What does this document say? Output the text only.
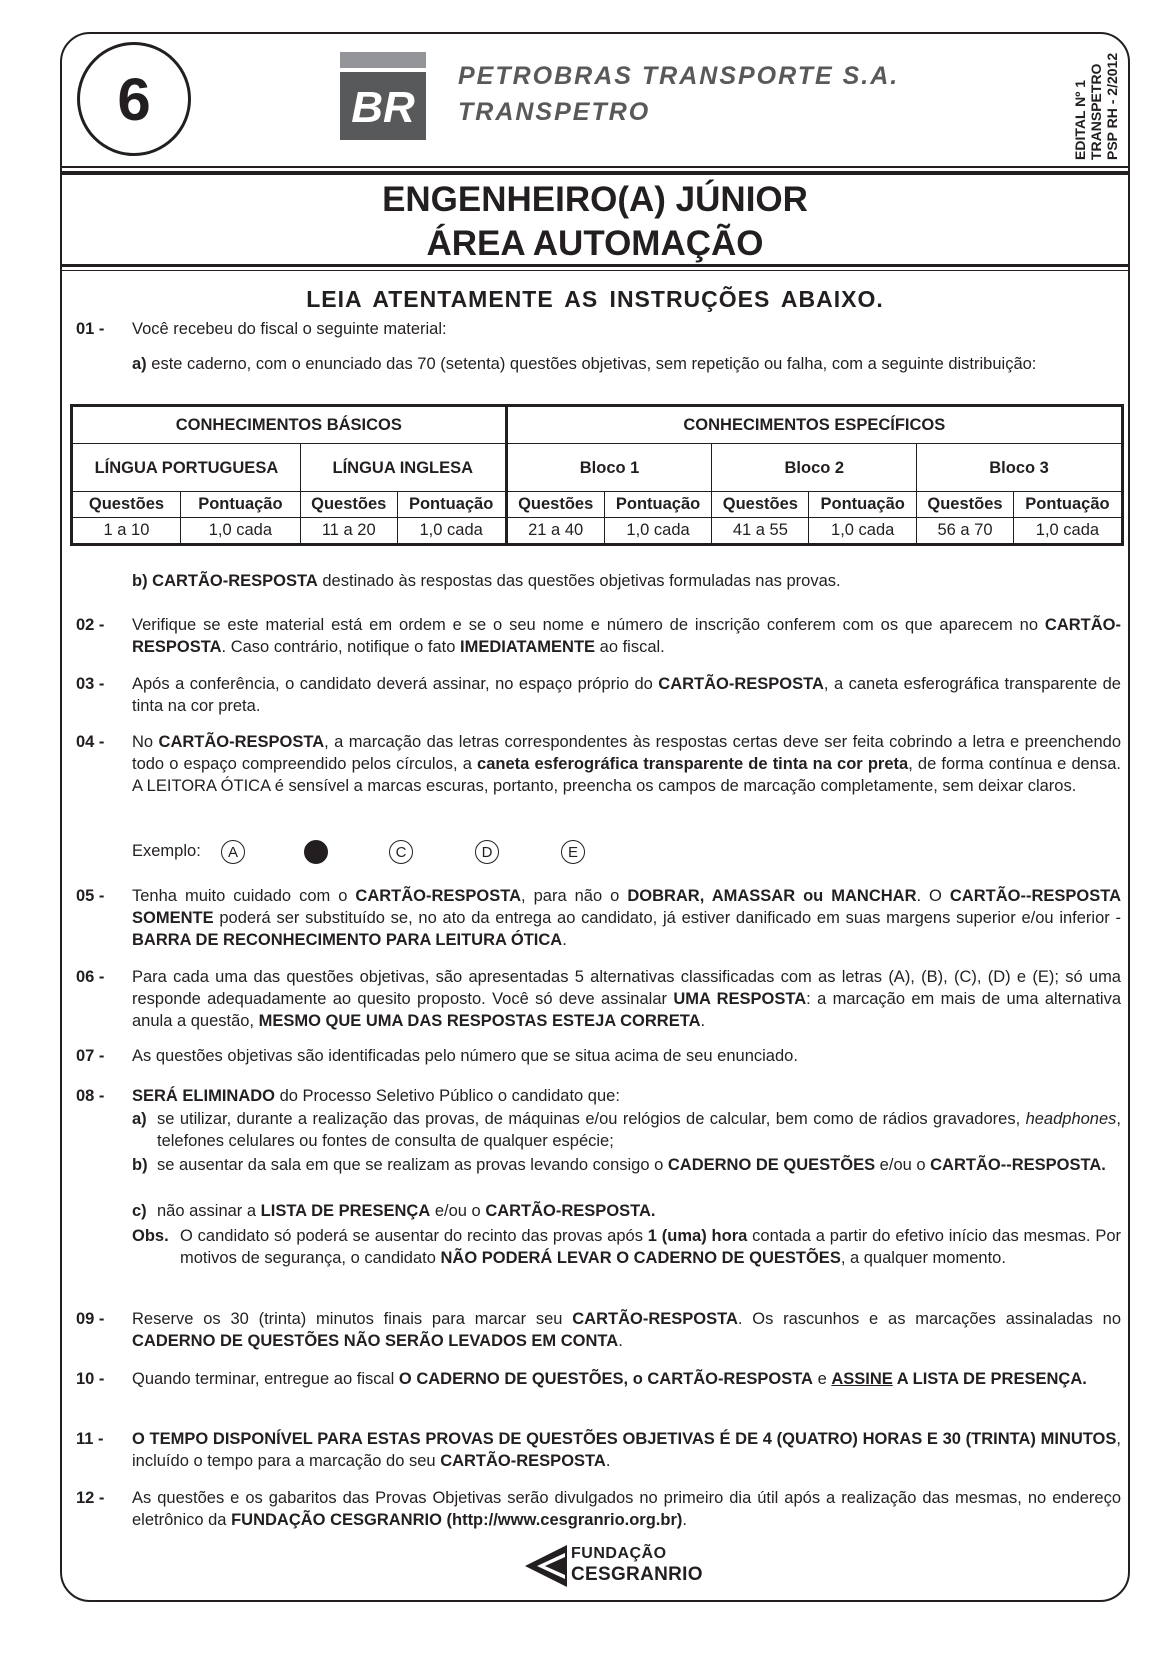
6	BR
PETROBRAS TRANSPORTE S.A.
TRANSPETRO	EDITAL Nº 1 TRANSPETRO PSP RH - 2/2012
ENGENHEIRO(A) JÚNIOR
ÁREA AUTOMAÇÃO
LEIA ATENTAMENTE AS INSTRUÇÕES ABAIXO.
01 -	Você recebeu do fiscal o seguinte material:
a) este caderno, com o enunciado das 70 (setenta) questões objetivas, sem repetição ou falha, com a seguinte distribuição:
CONHECIMENTOS BÁSICOS				CONHECIMENTOS ESPECÍFICOS					
LÍNGUA PORTUGUESA		LÍNGUA INGLESA		Bloco 1		Bloco 2		Bloco 3	
Questões	Pontuação	Questões	Pontuação	Questões	Pontuação	Questões	Pontuação	Questões	Pontuação
1 a 10	1,0 cada	11 a 20	1,0 cada	21 a 40	1,0 cada	41 a 55	1,0 cada	56 a 70	1,0 cada
b) CARTÃO-RESPOSTA destinado às respostas das questões objetivas formuladas nas provas.
02 -	Verifique se este material está em ordem e se o seu nome e número de inscrição conferem com os que aparecem no CARTÃO-RESPOSTA. Caso contrário, notifique o fato IMEDIATAMENTE ao fiscal.
03 -	Após a conferência, o candidato deverá assinar, no espaço próprio do CARTÃO-RESPOSTA, a caneta esferográfica transparente de tinta na cor preta.
04 -	No CARTÃO-RESPOSTA, a marcação das letras correspondentes às respostas certas deve ser feita cobrindo a letra e preenchendo todo o espaço compreendido pelos círculos, a caneta esferográfica transparente de tinta na cor preta, de forma contínua e densa. A LEITORA ÓTICA é sensível a marcas escuras, portanto, preencha os campos de marcação completamente, sem deixar claros.
Exemplo:	A	C	D	E
05 -	Tenha muito cuidado com o CARTÃO-RESPOSTA, para não o DOBRAR, AMASSAR ou MANCHAR. O CARTÃO--RESPOSTA SOMENTE poderá ser substituído se, no ato da entrega ao candidato, já estiver danificado em suas margens superior e/ou inferior - BARRA DE RECONHECIMENTO PARA LEITURA ÓTICA.
06 -	Para cada uma das questões objetivas, são apresentadas 5 alternativas classificadas com as letras (A), (B), (C), (D) e (E); só uma responde adequadamente ao quesito proposto. Você só deve assinalar UMA RESPOSTA: a marcação em mais de uma alternativa anula a questão, MESMO QUE UMA DAS RESPOSTAS ESTEJA CORRETA.
07 -	As questões objetivas são identificadas pelo número que se situa acima de seu enunciado.
08 -	SERÁ ELIMINADO do Processo Seletivo Público o candidato que:
a) se utilizar, durante a realização das provas, de máquinas e/ou relógios de calcular, bem como de rádios gravadores, headphones, telefones celulares ou fontes de consulta de qualquer espécie;
b) se ausentar da sala em que se realizam as provas levando consigo o CADERNO DE QUESTÕES e/ou o CARTÃO--RESPOSTA.
c) não assinar a LISTA DE PRESENÇA e/ou o CARTÃO-RESPOSTA.
Obs. O candidato só poderá se ausentar do recinto das provas após 1 (uma) hora contada a partir do efetivo início das mesmas. Por motivos de segurança, o candidato NÃO PODERÁ LEVAR O CADERNO DE QUESTÕES, a qualquer momento.
09 -	Reserve os 30 (trinta) minutos finais para marcar seu CARTÃO-RESPOSTA. Os rascunhos e as marcações assinaladas no CADERNO DE QUESTÕES NÃO SERÃO LEVADOS EM CONTA.
10 -	Quando terminar, entregue ao fiscal O CADERNO DE QUESTÕES, o CARTÃO-RESPOSTA e ASSINE A LISTA DE PRESENÇA.
11 -	O TEMPO DISPONÍVEL PARA ESTAS PROVAS DE QUESTÕES OBJETIVAS É DE 4 (QUATRO) HORAS E 30 (TRINTA) MINUTOS, incluído o tempo para a marcação do seu CARTÃO-RESPOSTA.
12 -	As questões e os gabaritos das Provas Objetivas serão divulgados no primeiro dia útil após a realização das mesmas, no endereço eletrônico da FUNDAÇÃO CESGRANRIO (http://www.cesgranrio.org.br).
FUNDAÇÃO
CESGRANRIO
